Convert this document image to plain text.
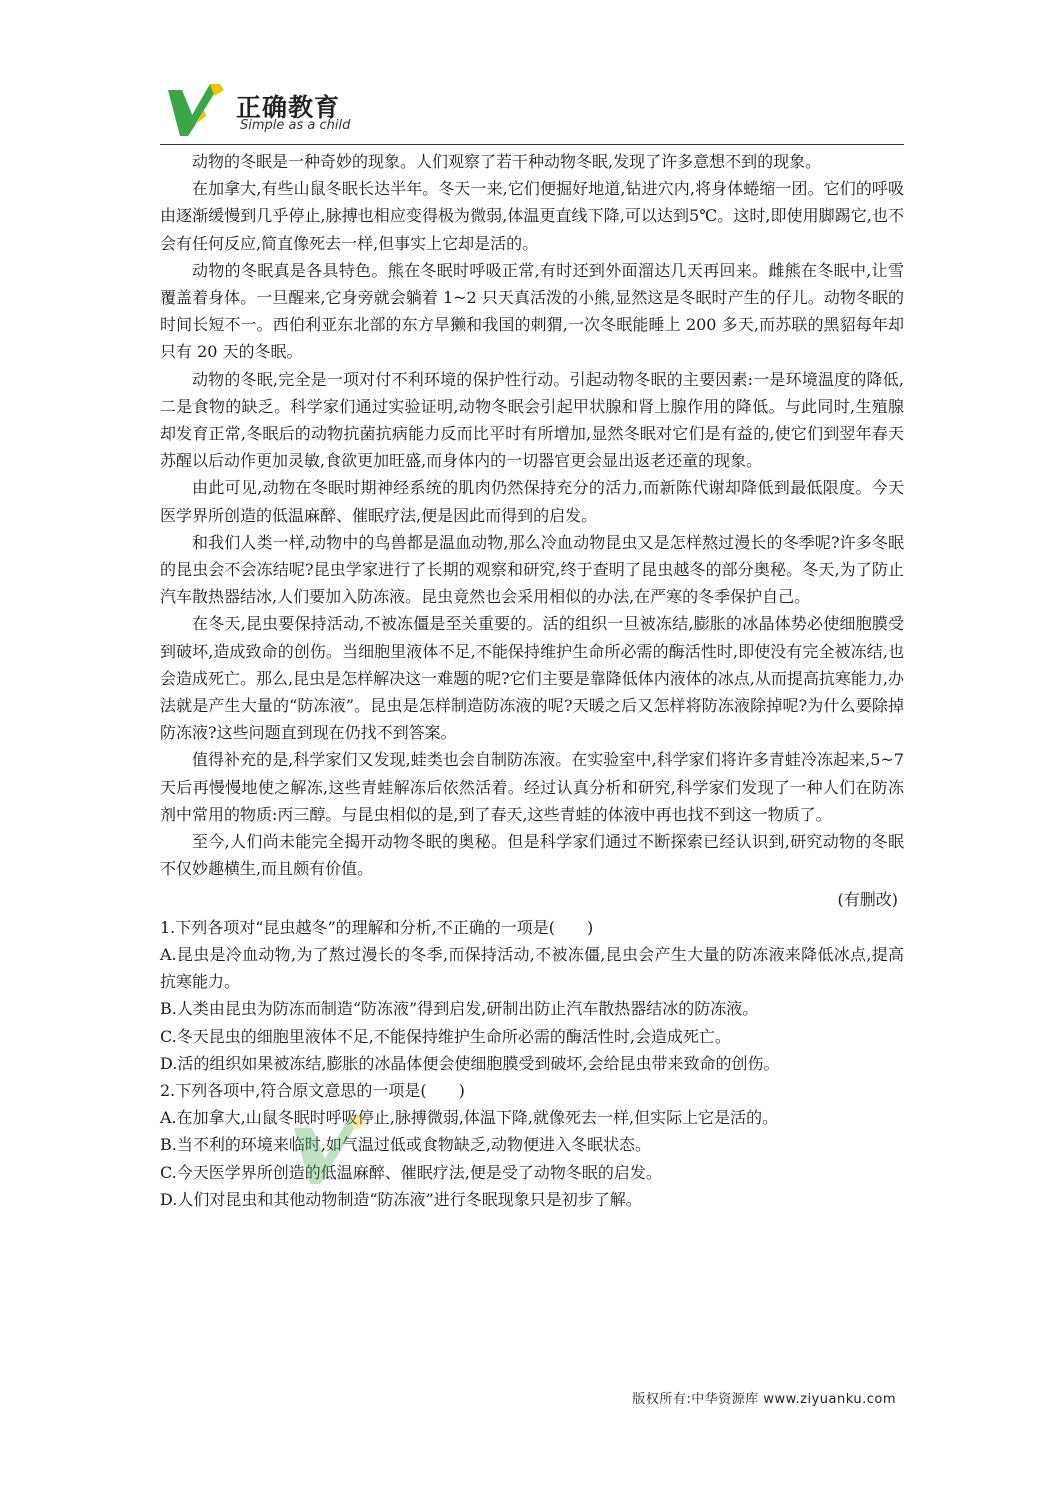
正确教育
Simple as a child

动物的冬眠是一种奇妙的现象。人们观察了若干种动物冬眠,发现了许多意想不到的现象。

在加拿大,有些山鼠冬眠长达半年。冬天一来,它们便掘好地道,钻进穴内,将身体蜷缩一团。它们的呼吸由逐渐缓慢到几乎停止,脉搏也相应变得极为微弱,体温更直线下降,可以达到5℃。这时,即使用脚踢它,也不会有任何反应,简直像死去一样,但事实上它却是活的。

动物的冬眠真是各具特色。熊在冬眠时呼吸正常,有时还到外面溜达几天再回来。雌熊在冬眠中,让雪覆盖着身体。一旦醒来,它身旁就会躺着 1~2 只天真活泼的小熊,显然这是冬眠时产生的仔儿。动物冬眠的时间长短不一。西伯利亚东北部的东方旱獭和我国的刺猬,一次冬眠能睡上 200 多天,而苏联的黑貂每年却只有 20 天的冬眠。

动物的冬眠,完全是一项对付不利环境的保护性行动。引起动物冬眠的主要因素:一是环境温度的降低,二是食物的缺乏。科学家们通过实验证明,动物冬眠会引起甲状腺和肾上腺作用的降低。与此同时,生殖腺却发育正常,冬眠后的动物抗菌抗病能力反而比平时有所增加,显然冬眠对它们是有益的,使它们到翌年春天苏醒以后动作更加灵敏,食欲更加旺盛,而身体内的一切器官更会显出返老还童的现象。

由此可见,动物在冬眠时期神经系统的肌肉仍然保持充分的活力,而新陈代谢却降低到最低限度。今天医学界所创造的低温麻醉、催眠疗法,便是因此而得到的启发。

和我们人类一样,动物中的鸟兽都是温血动物,那么冷血动物昆虫又是怎样熬过漫长的冬季呢?许多冬眠的昆虫会不会冻结呢?昆虫学家进行了长期的观察和研究,终于查明了昆虫越冬的部分奥秘。冬天,为了防止汽车散热器结冰,人们要加入防冻液。昆虫竟然也会采用相似的办法,在严寒的冬季保护自己。

在冬天,昆虫要保持活动,不被冻僵是至关重要的。活的组织一旦被冻结,膨胀的冰晶体势必使细胞膜受到破坏,造成致命的创伤。当细胞里液体不足,不能保持维护生命所必需的酶活性时,即使没有完全被冻结,也会造成死亡。那么,昆虫是怎样解决这一难题的呢?它们主要是靠降低体内液体的冰点,从而提高抗寒能力,办法就是产生大量的“防冻液”。昆虫是怎样制造防冻液的呢?天暖之后又怎样将防冻液除掉呢?为什么要除掉防冻液?这些问题直到现在仍找不到答案。

值得补充的是,科学家们又发现,蛙类也会自制防冻液。在实验室中,科学家们将许多青蛙冷冻起来,5~7 天后再慢慢地使之解冻,这些青蛙解冻后依然活着。经过认真分析和研究,科学家们发现了一种人们在防冻剂中常用的物质:丙三醇。与昆虫相似的是,到了春天,这些青蛙的体液中再也找不到这一物质了。

至今,人们尚未能完全揭开动物冬眠的奥秘。但是科学家们通过不断探索已经认识到,研究动物的冬眠不仅妙趣横生,而且颇有价值。

(有删改)

1.下列各项对“昆虫越冬”的理解和分析,不正确的一项是(　　)

A.昆虫是冷血动物,为了熬过漫长的冬季,而保持活动,不被冻僵,昆虫会产生大量的防冻液来降低冰点,提高抗寒能力。

B.人类由昆虫为防冻而制造“防冻液”得到启发,研制出防止汽车散热器结冰的防冻液。

C.冬天昆虫的细胞里液体不足,不能保持维护生命所必需的酶活性时,会造成死亡。

D.活的组织如果被冻结,膨胀的冰晶体便会使细胞膜受到破坏,会给昆虫带来致命的创伤。

2.下列各项中,符合原文意思的一项是(　　)

A.在加拿大,山鼠冬眠时呼吸停止,脉搏微弱,体温下降,就像死去一样,但实际上它是活的。

B.当不利的环境来临时,如气温过低或食物缺乏,动物便进入冬眠状态。

C.今天医学界所创造的低温麻醉、催眠疗法,便是受了动物冬眠的启发。

D.人们对昆虫和其他动物制造“防冻液”进行冬眠现象只是初步了解。

版权所有:中华资源库 www.ziyuanku.com
